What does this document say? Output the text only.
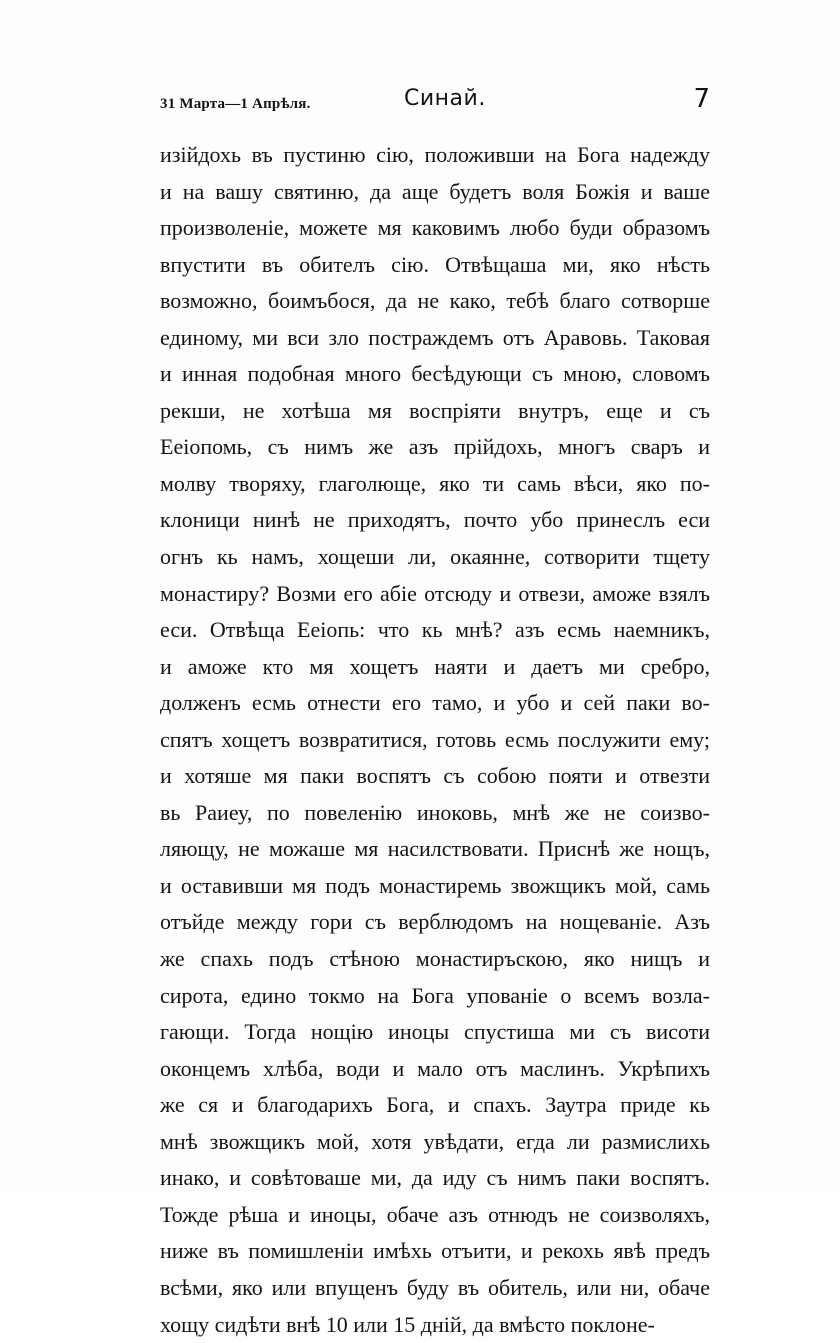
31 Марта—1 Апрѣля.	Синай.	7
изійдохь въ пустиню сію, положивши на Бога надежду
и на вашу святиню, да аще будетъ воля Божія и ваше
произволеніе, можете мя каковимъ любо буди образомъ
впустити въ обителъ сію. Отвѣщаша ми, яко нѣсть
возможно, боимъбося, да не како, тебѣ благо сотворше
единому, ми вси зло постраждемъ отъ Аравовь. Таковая
и инная подобная много бесѣдующи съ мною, словомъ
рекши, не хотѣша мя воспріяти внутръ, еще и съ
Ееіопомь, съ нимъ же азъ прійдохь, многъ сваръ и
молву творяху, глаголюще, яко ти самь вѣси, яко по-
клоници нинѣ не приходятъ, почто убо принеслъ еси
огнъ кь намъ, хощеши ли, окаянне, сотворити тщету
монастиру? Возми его абіе отсюду и отвези, аможе взялъ
еси. Отвѣща Ееіопь: что кь мнѣ? азъ есмь наемникъ,
и аможе кто мя хощетъ наяти и даетъ ми сребро,
долженъ есмь отнести его тамо, и убо и сей паки во-
спятъ хощетъ возвратитися, готовь есмь послужити ему;
и хотяше мя паки воспятъ съ собою пояти и отвезти
вь Раиеу, по повеленію иноковь, мнѣ же не соизво-
ляющу, не можаше мя насилствовати. Приснѣ же нощъ,
и оставивши мя подъ монастиремь звожщикъ мой, самь
отъйде между гори съ верблюдомъ на нощеваніе. Азъ
же спахь подъ стѣною монастиръскою, яко нищъ и
сирота, едино токмо на Бога упованіе о всемъ возла-
гающи. Тогда нощію иноцы спустиша ми съ висоти
оконцемъ хлѣба, води и мало отъ маслинъ. Укрѣпихъ
же ся и благодарихъ Бога, и спахъ. Заутра приде кь
мнѣ звожщикъ мой, хотя увѣдати, егда ли размислихь
инако, и совѣтоваше ми, да иду съ нимъ паки воспятъ.
Тожде рѣша и иноцы, обаче азъ отнюдъ не соизволяхъ,
ниже въ помишленіи имѣхь отъити, и рекохь явѣ предъ
всѣми, яко или впущенъ буду въ обитель, или ни, обаче
хощу сидѣти внѣ 10 или 15 дній, да вмѣсто поклоне-
